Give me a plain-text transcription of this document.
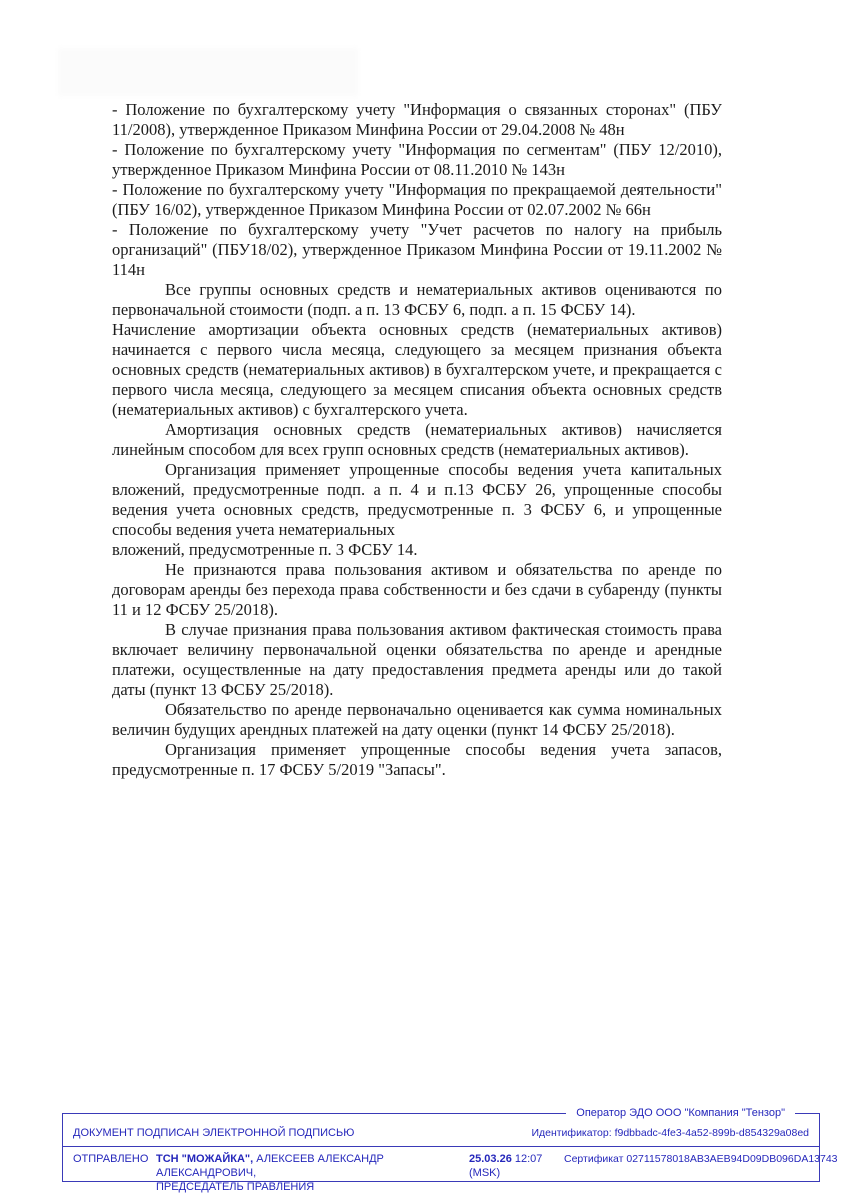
- Положение по бухгалтерскому учету "Информация о связанных сторонах" (ПБУ 11/2008), утвержденное Приказом Минфина России от 29.04.2008 № 48н

- Положение по бухгалтерскому учету "Информация по сегментам" (ПБУ 12/2010), утвержденное Приказом Минфина России от 08.11.2010 № 143н

- Положение по бухгалтерскому учету "Информация по прекращаемой деятельности" (ПБУ 16/02), утвержденное Приказом Минфина России от 02.07.2002 № 66н

- Положение по бухгалтерскому учету "Учет расчетов по налогу на прибыль организаций" (ПБУ18/02), утвержденное Приказом Минфина России от 19.11.2002 № 114н

Все группы основных средств и нематериальных активов оцениваются по первоначальной стоимости (подп. а п. 13 ФСБУ 6, подп. а п. 15 ФСБУ 14).

Начисление амортизации объекта основных средств (нематериальных активов) начинается с первого числа месяца, следующего за месяцем признания объекта основных средств (нематериальных активов) в бухгалтерском учете, и прекращается с первого числа месяца, следующего за месяцем списания объекта основных средств (нематериальных активов) с бухгалтерского учета.

Амортизация основных средств (нематериальных активов) начисляется линейным способом для всех групп основных средств (нематериальных активов).

Организация применяет упрощенные способы ведения учета капитальных вложений, предусмотренные подп. а п. 4 и п.13 ФСБУ 26, упрощенные способы ведения учета основных средств, предусмотренные п. 3 ФСБУ 6, и упрощенные способы ведения учета нематериальных

вложений, предусмотренные п. 3 ФСБУ 14.

Не признаются права пользования активом и обязательства по аренде по договорам аренды без перехода права собственности и без сдачи в субаренду (пункты 11 и 12 ФСБУ 25/2018).

В случае признания права пользования активом фактическая стоимость права включает величину первоначальной оценки обязательства по аренде и арендные платежи, осуществленные на дату предоставления предмета аренды или до такой даты (пункт 13 ФСБУ 25/2018).

Обязательство по аренде первоначально оценивается как сумма номинальных величин будущих арендных платежей на дату оценки (пункт 14 ФСБУ 25/2018).

Организация применяет упрощенные способы ведения учета запасов, предусмотренные п. 17 ФСБУ 5/2019 "Запасы".

Оператор ЭДО ООО "Компания "Тензор"
ДОКУМЕНТ ПОДПИСАН ЭЛЕКТРОННОЙ ПОДПИСЬЮ	Идентификатор: f9dbbadc-4fe3-4a52-899b-d854329a08ed
ОТПРАВЛЕНО ТСН "МОЖАЙКА", АЛЕКСЕЕВ АЛЕКСАНДР АЛЕКСАНДРОВИЧ,
ПРЕДСЕДАТЕЛЬ ПРАВЛЕНИЯ
25.03.26 12:07
(MSK)
Сертификат 02711578018AB3AEB94D09DB096DA13743
